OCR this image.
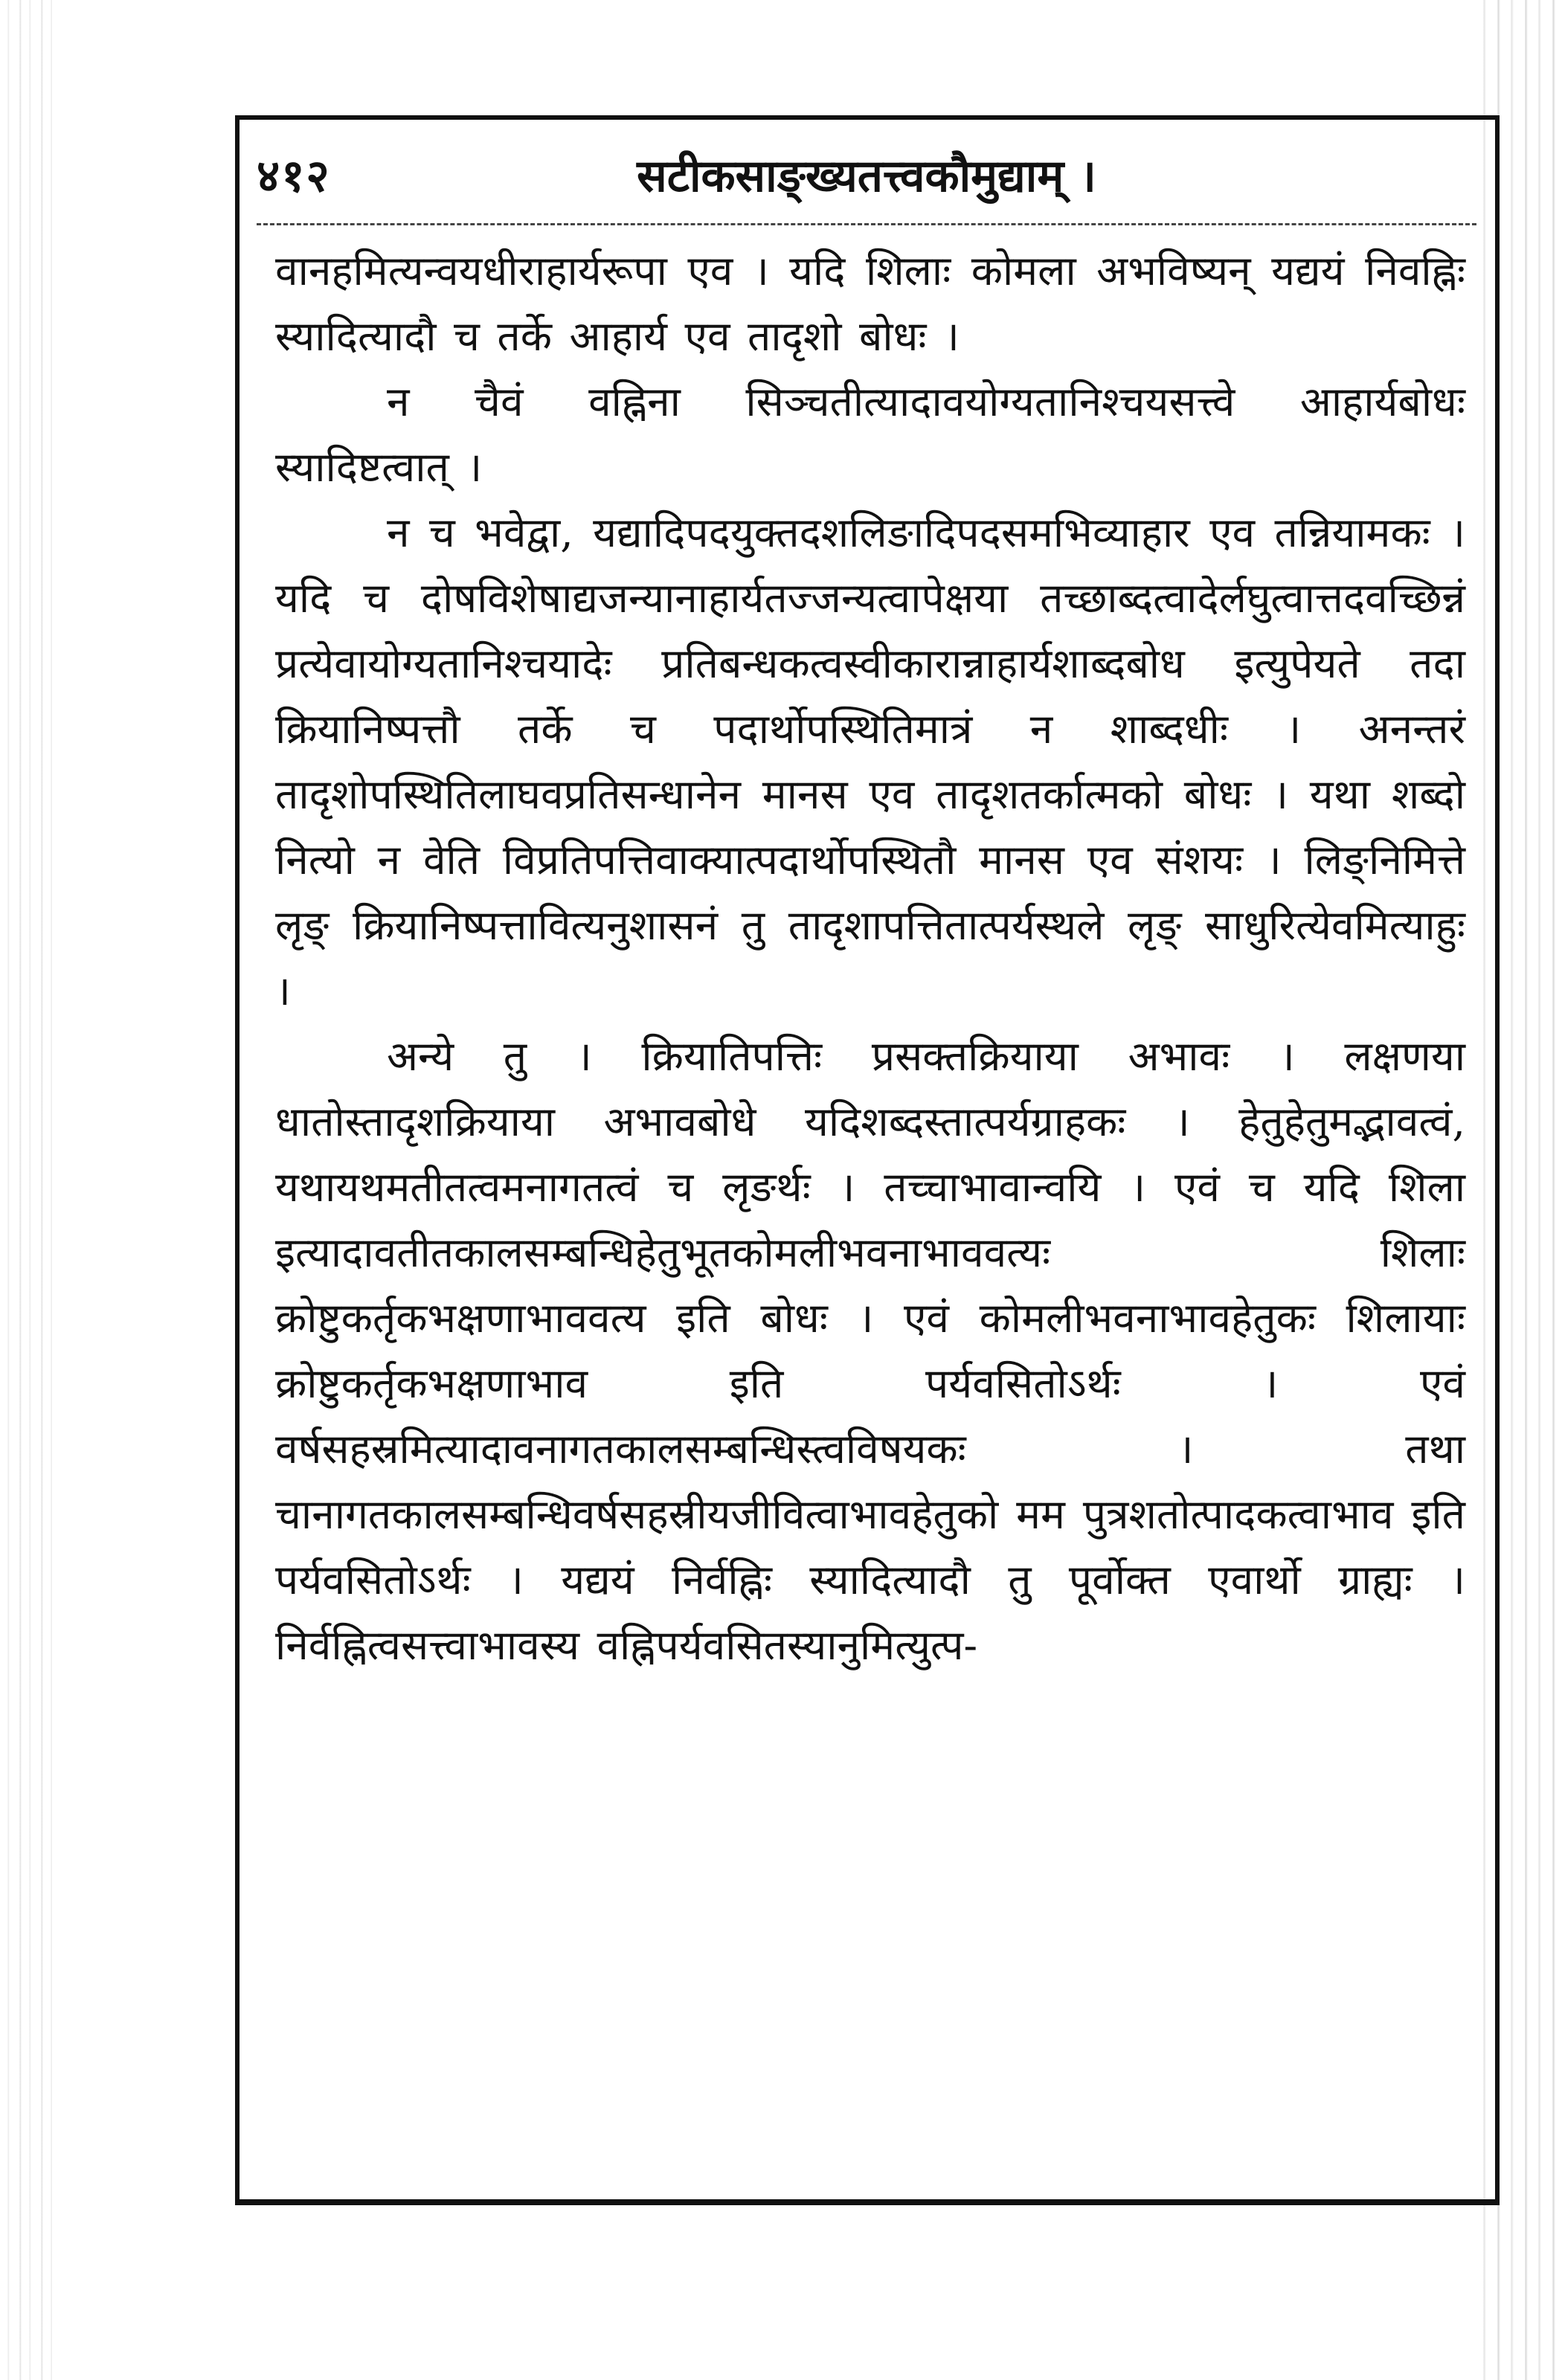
४१२	सटीकसाङ्ख्यतत्त्वकौमुद्याम् ।

वानहमित्यन्वयधीराहार्यरूपा एव । यदि शिलाः कोमला अभविष्यन् यद्ययं निवह्निः स्यादित्यादौ च तर्के आहार्य एव तादृशो बोधः ।

न चैवं वह्निना सिञ्चतीत्यादावयोग्यतानिश्चयसत्त्वे आहार्यबोधः स्यादिष्टत्वात् ।

न च भवेद्वा, यद्यादिपदयुक्तदशलिङादिपदसमभिव्याहार एव तन्नियामकः । यदि च दोषविशेषाद्यजन्यानाहार्यतज्जन्यत्वापेक्षया तच्छाब्दत्वादेर्लघुत्वात्तदवच्छिन्नं प्रत्येवायोग्यतानिश्चयादेः प्रतिबन्धकत्वस्वीकारान्नाहार्यशाब्दबोध इत्युपेयते तदा क्रियानिष्पत्तौ तर्के च पदार्थोपस्थितिमात्रं न शाब्दधीः । अनन्तरं तादृशोपस्थितिलाघवप्रतिसन्धानेन मानस एव तादृशतर्कात्मको बोधः । यथा शब्दो नित्यो न वेति विप्रतिपत्तिवाक्यात्पदार्थोपस्थितौ मानस एव संशयः । लिङ्निमित्ते लृङ् क्रियानिष्पत्तावित्यनुशासनं तु तादृशापत्तितात्पर्यस्थले लृङ् साधुरित्येवमित्याहुः ।

अन्ये तु । क्रियातिपत्तिः प्रसक्तक्रियाया अभावः । लक्षणया धातोस्तादृशक्रियाया अभावबोधे यदिशब्दस्तात्पर्यग्राहकः । हेतुहेतुमद्भावत्वं, यथायथमतीतत्वमनागतत्वं च लृङर्थः । तच्चाभावान्वयि । एवं च यदि शिला इत्यादावतीतकालसम्बन्धिहेतुभूतकोमलीभवनाभाववत्यः शिलाः क्रोष्टुकर्तृकभक्षणाभाववत्य इति बोधः । एवं कोमलीभवनाभावहेतुकः शिलायाः क्रोष्टुकर्तृकभक्षणाभाव इति पर्यवसितोऽर्थः । एवं वर्षसहस्रमित्यादावनागतकालसम्बन्धिस्त्वविषयकः । तथा चानागतकालसम्बन्धिवर्षसहस्रीयजीवित्वाभावहेतुको मम पुत्रशतोत्पादकत्वाभाव इति पर्यवसितोऽर्थः । यद्ययं निर्वह्निः स्यादित्यादौ तु पूर्वोक्त एवार्थो ग्राह्यः । निर्वह्नित्वसत्त्वाभावस्य वह्निपर्यवसितस्यानुमित्युत्प-
